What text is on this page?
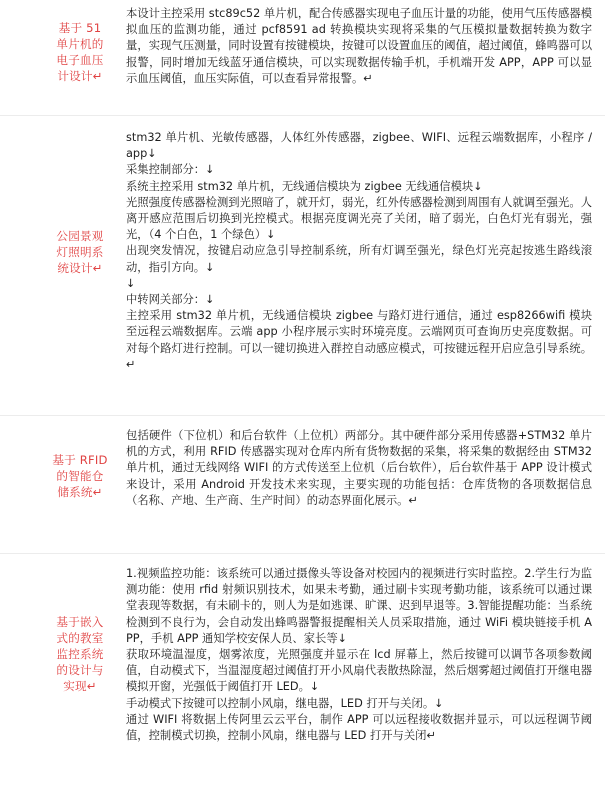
基于 51 单片机的电子血压计设计↵

本设计主控采用 stc89c52 单片机，配合传感器实现电子血压计量的功能，使用气压传感器模拟血压的监测功能，通过 pcf8591 ad 转换模块实现将采集的气压模拟量数据转换为数字量，实现气压测量，同时设置有按键模块，按键可以设置血压的阈值，超过阈值，蜂鸣器可以报警，同时增加无线蓝牙通信模块，可以实现数据传输手机，手机端开发 APP，APP 可以显示血压阈值，血压实际值，可以查看异常报警。↵

公园景观灯照明系统设计↵

stm32 单片机、光敏传感器，人体红外传感器，zigbee、WIFI、远程云端数据库，小程序 / app↓

采集控制部分：↓

系统主控采用 stm32 单片机，无线通信模块为 zigbee 无线通信模块↓

光照强度传感器检测到光照暗了，就开灯，弱光，红外传感器检测到周围有人就调至强光。人离开感应范围后切换到光控模式。根据亮度调光亮了关闭，暗了弱光，白色灯光有弱光，强光，（4 个白色，1 个绿色）↓

出现突发情况，按键启动应急引导控制系统，所有灯调至强光，绿色灯光亮起按逃生路线滚动，指引方向。↓

↓

中转网关部分：↓

主控采用 stm32 单片机，无线通信模块 zigbee 与路灯进行通信，通过 esp8266wifi 模块至远程云端数据库。云端 app 小程序展示实时环境亮度。云端网页可查询历史亮度数据。可对每个路灯进行控制。可以一键切换进入群控自动感应模式，可按键远程开启应急引导系统。↵

基于 RFID 的智能仓储系统↵

包括硬件（下位机）和后台软件（上位机）两部分。其中硬件部分采用传感器+STM32 单片机的方式，利用 RFID 传感器实现对仓库内所有货物数据的采集，将采集的数据经由 STM32 单片机，通过无线网络 WIFI 的方式传送至上位机（后台软件），后台软件基于 APP 设计模式来设计，采用 Android 开发技术来实现，主要实现的功能包括：仓库货物的各项数据信息（名称、产地、生产商、生产时间）的动态界面化展示。↵

基于嵌入式的教室监控系统的设计与实现↵

1.视频监控功能：该系统可以通过摄像头等设备对校园内的视频进行实时监控。2.学生行为监测功能：使用 rfid 射频识别技术，如果未考勤，通过刷卡实现考勤功能，该系统可以通过课堂表现等数据，有未刷卡的，则人为是如逃课、旷课、迟到早退等。3.智能提醒功能：当系统检测到不良行为，会自动发出蜂鸣器警报提醒相关人员采取措施，通过 WiFi 模块链接手机 APP，手机 APP 通知学校安保人员、家长等↓

获取环境温湿度，烟雾浓度，光照强度并显示在 lcd 屏幕上，然后按键可以调节各项参数阈值，自动模式下，当温湿度超过阈值打开小风扇代表散热除湿，然后烟雾超过阈值打开继电器模拟开窗，光强低于阈值打开 LED。↓

手动模式下按键可以控制小风扇，继电器，LED 打开与关闭。↓

通过 WIFI 将数据上传阿里云云平台，制作 APP 可以远程接收数据并显示，可以远程调节阈值，控制模式切换，控制小风扇，继电器与 LED 打开与关闭↵
